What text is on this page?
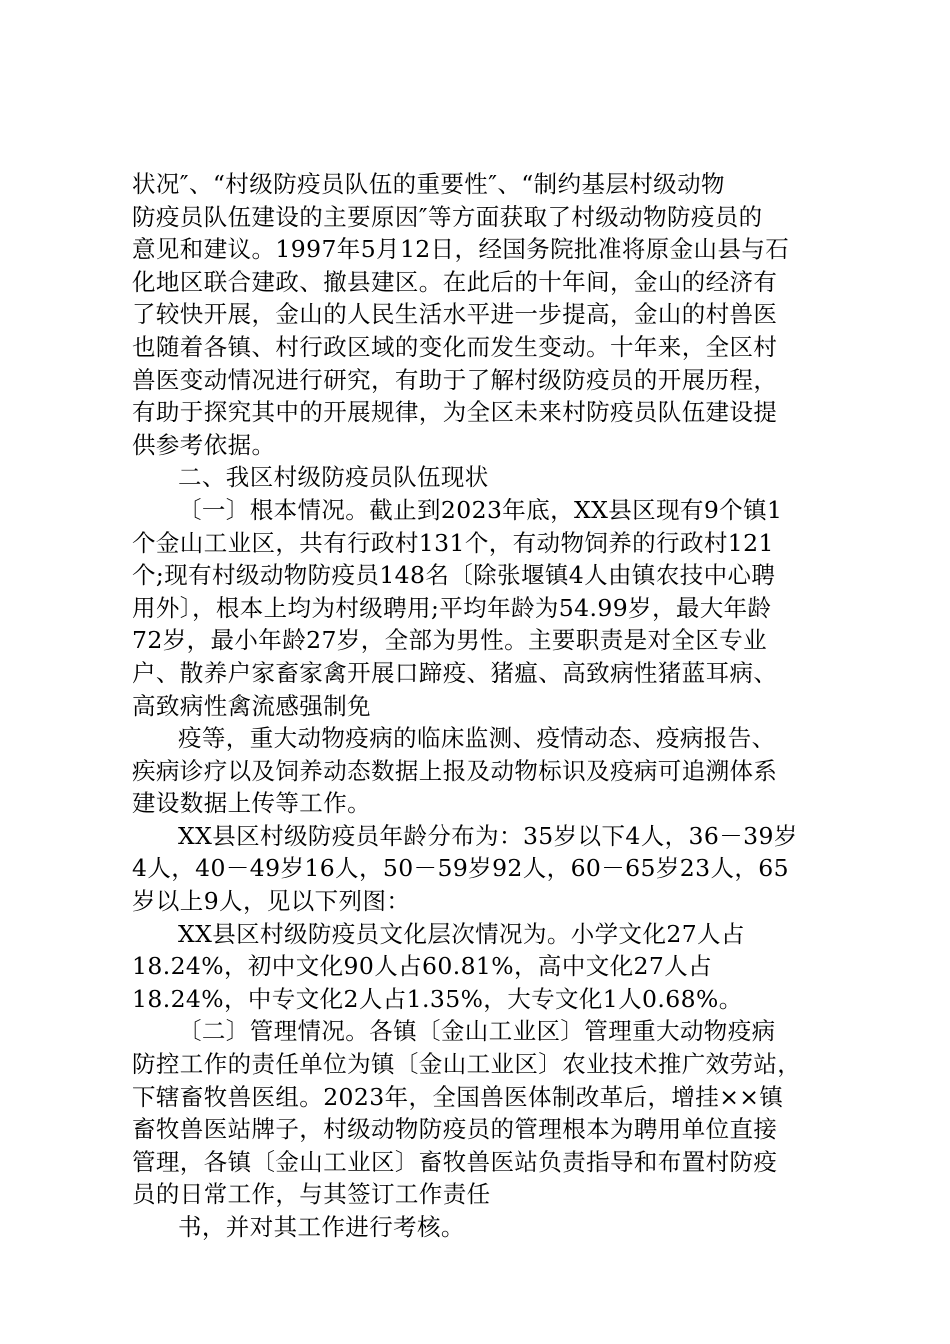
状况″、“村级防疫员队伍的重要性″、“制约基层村级动物
防疫员队伍建设的主要原因″等方面获取了村级动物防疫员的
意见和建议。1997年5月12日，经国务院批准将原金山县与石
化地区联合建政、撤县建区。在此后的十年间，金山的经济有
了较快开展，金山的人民生活水平进一步提高，金山的村兽医
也随着各镇、村行政区域的变化而发生变动。十年来，全区村
兽医变动情况进行研究，有助于了解村级防疫员的开展历程，
有助于探究其中的开展规律，为全区未来村防疫员队伍建设提
供参考依据。
二、我区村级防疫员队伍现状
〔一〕根本情况。截止到2023年底，XX县区现有9个镇1
个金山工业区，共有行政村131个，有动物饲养的行政村121
个;现有村级动物防疫员148名〔除张堰镇4人由镇农技中心聘
用外〕，根本上均为村级聘用;平均年龄为54.99岁，最大年龄
72岁，最小年龄27岁，全部为男性。主要职责是对全区专业
户、散养户家畜家禽开展口蹄疫、猪瘟、高致病性猪蓝耳病、
高致病性禽流感强制免
疫等，重大动物疫病的临床监测、疫情动态、疫病报告、
疾病诊疗以及饲养动态数据上报及动物标识及疫病可追溯体系
建设数据上传等工作。
XX县区村级防疫员年龄分布为：35岁以下4人，36－39岁
4人，40－49岁16人，50－59岁92人，60－65岁23人，65
岁以上9人，见以下列图：
XX县区村级防疫员文化层次情况为。小学文化27人占
18.24%，初中文化90人占60.81%，高中文化27人占
18.24%，中专文化2人占1.35%，大专文化1人0.68%。
〔二〕管理情况。各镇〔金山工业区〕管理重大动物疫病
防控工作的责任单位为镇〔金山工业区〕农业技术推广效劳站，
下辖畜牧兽医组。2023年，全国兽医体制改革后，增挂××镇
畜牧兽医站牌子，村级动物防疫员的管理根本为聘用单位直接
管理，各镇〔金山工业区〕畜牧兽医站负责指导和布置村防疫
员的日常工作，与其签订工作责任
书，并对其工作进行考核。
